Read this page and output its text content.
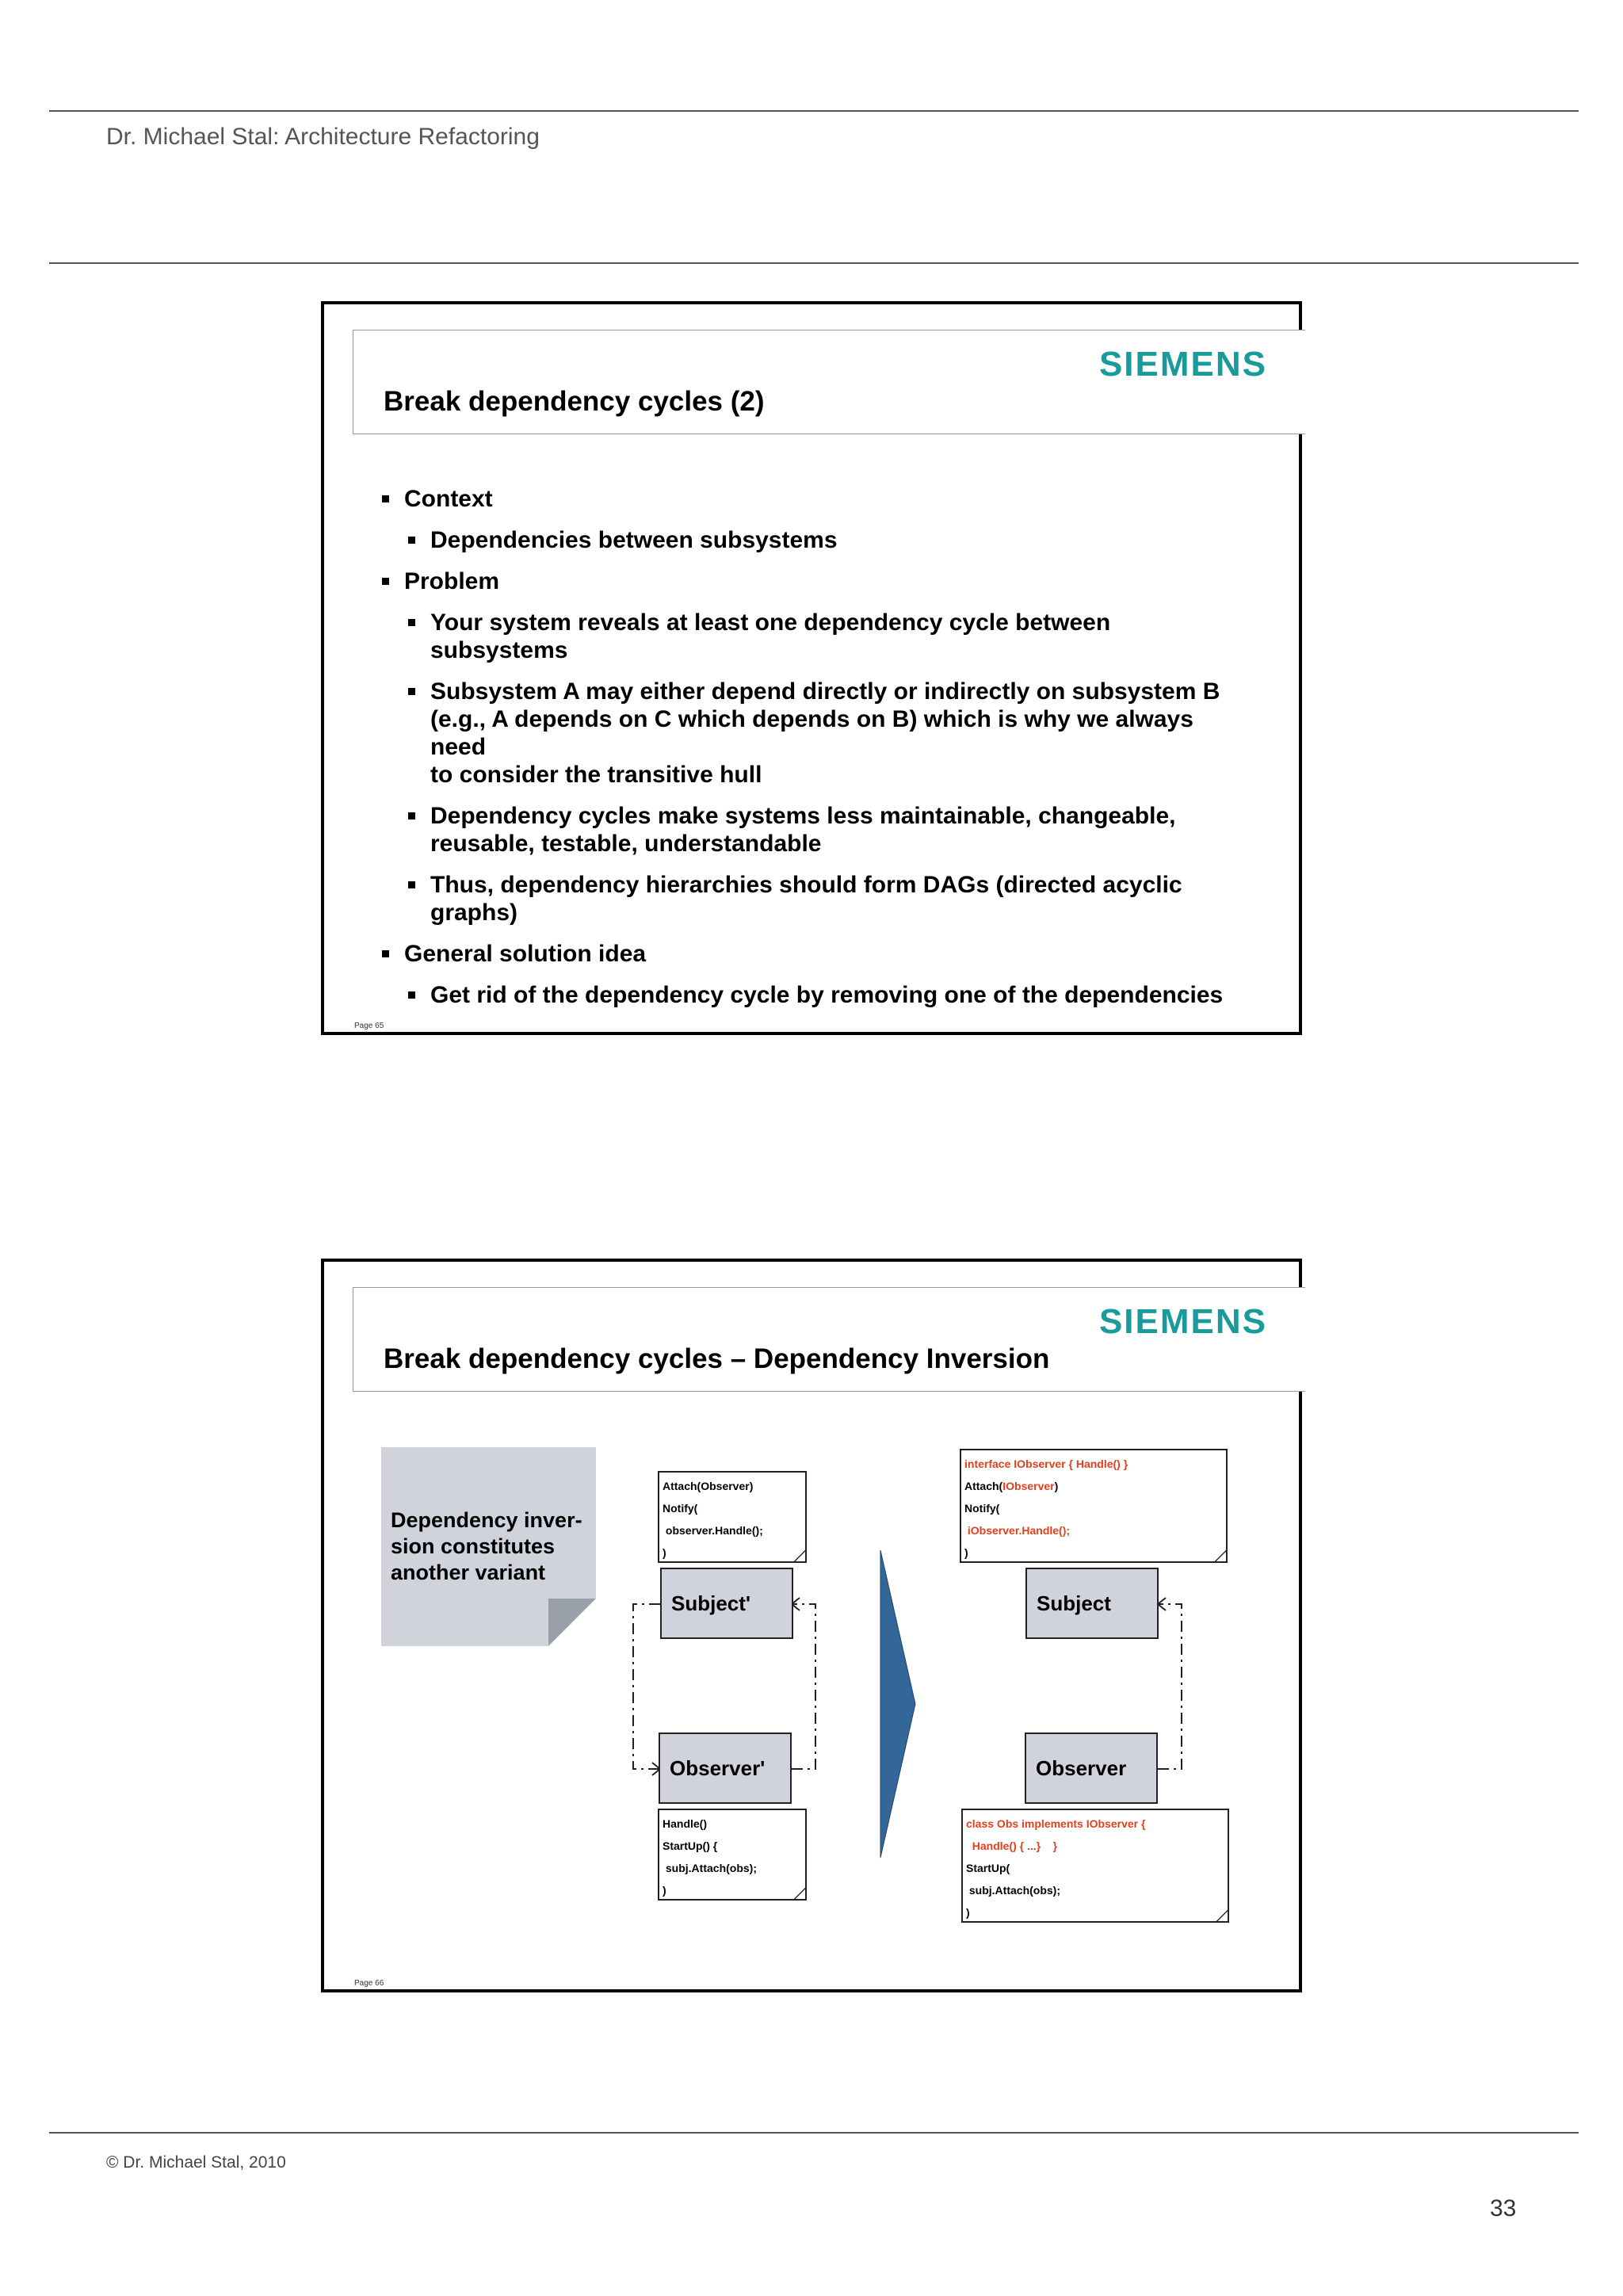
Dr. Michael Stal: Architecture Refactoring
SIEMENS
Break dependency cycles (2)
Context
Dependencies between subsystems
Problem
Your system reveals at least one dependency cycle between
subsystems
Subsystem A may either depend directly or indirectly on subsystem B
(e.g., A depends on C which depends on B) which is why we always
need
to consider the transitive hull
Dependency cycles make systems less maintainable, changeable,
reusable, testable, understandable
Thus, dependency hierarchies should form DAGs (directed acyclic
graphs)
General solution idea
Get rid of the dependency cycle by removing one of the dependencies
Page 65
SIEMENS
Break dependency cycles – Dependency Inversion
Dependency inver-
sion constitutes
another variant
Attach(Observer)
Notify(
observer.Handle();
)
Subject'
Observer'
Handle()
StartUp() {
subj.Attach(obs);
)
interface IObserver { Handle() }
Attach(IObserver)
Notify(
iObserver.Handle();
)
Subject
Observer
class Obs implements IObserver {
Handle() { ...}    }
StartUp(
subj.Attach(obs);
)
Page 66
© Dr. Michael Stal, 2010
33
